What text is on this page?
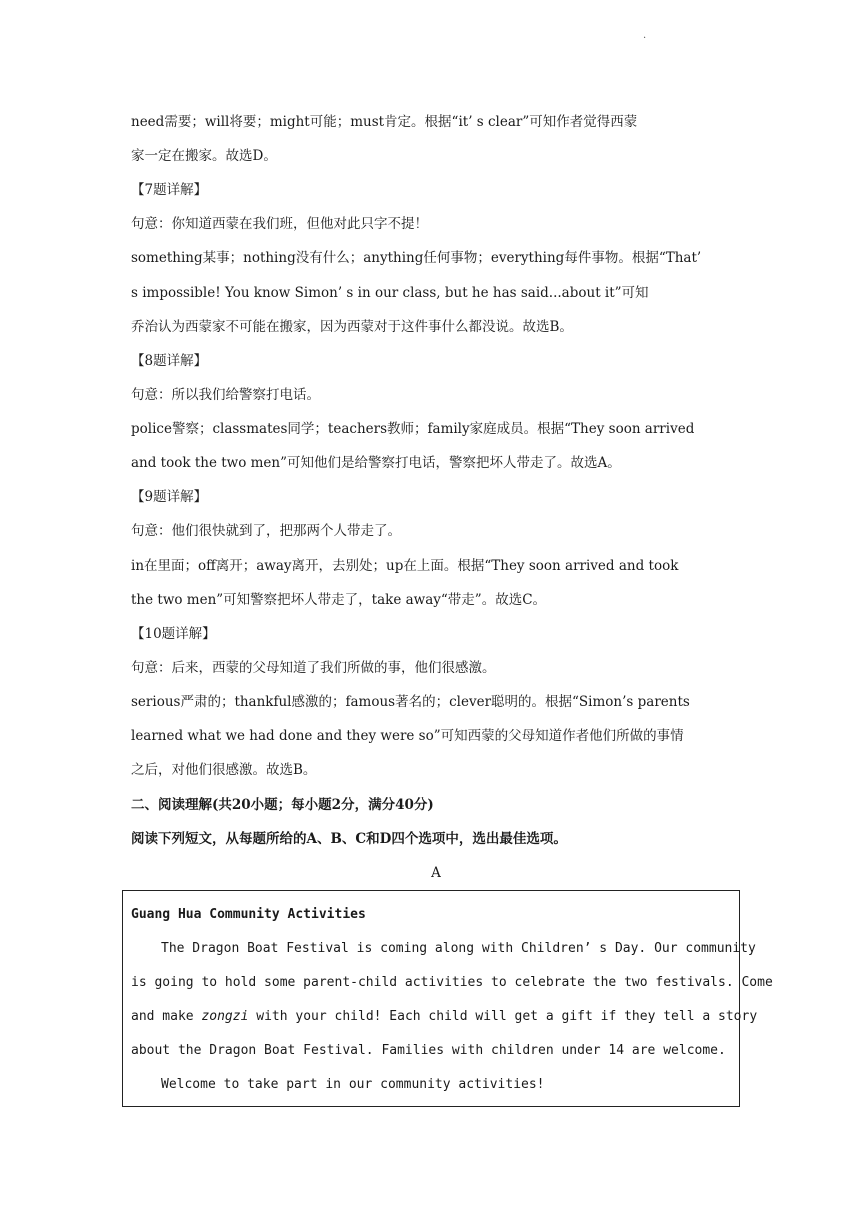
.
need需要；will将要；might可能；must肯定。根据“it’ s clear”可知作者觉得西蒙
家一定在搬家。故选D。
【7题详解】
句意：你知道西蒙在我们班，但他对此只字不提！
something某事；nothing没有什么；anything任何事物；everything每件事物。根据“That’
s impossible! You know Simon’ s in our class, but he has said...about it”可知
乔治认为西蒙家不可能在搬家，因为西蒙对于这件事什么都没说。故选B。
【8题详解】
句意：所以我们给警察打电话。
police警察；classmates同学；teachers教师；family家庭成员。根据“They soon arrived
and took the two men”可知他们是给警察打电话，警察把坏人带走了。故选A。
【9题详解】
句意：他们很快就到了，把那两个人带走了。
in在里面；off离开；away离开，去别处；up在上面。根据“They soon arrived and took
the two men”可知警察把坏人带走了，take away“带走”。故选C。
【10题详解】
句意：后来，西蒙的父母知道了我们所做的事，他们很感激。
serious严肃的；thankful感激的；famous著名的；clever聪明的。根据“Simon’s parents
learned what we had done and they were so”可知西蒙的父母知道作者他们所做的事情
之后，对他们很感激。故选B。
二、阅读理解(共20小题；每小题2分，满分40分)
阅读下列短文，从每题所给的A、B、C和D四个选项中，选出最佳选项。
A
Guang Hua Community Activities
The Dragon Boat Festival is coming along with Children’ s Day. Our community
is going to hold some parent-child activities to celebrate the two festivals. Come
and make zongzi with your child! Each child will get a gift if they tell a story
about the Dragon Boat Festival. Families with children under 14 are welcome.
Welcome to take part in our community activities!
